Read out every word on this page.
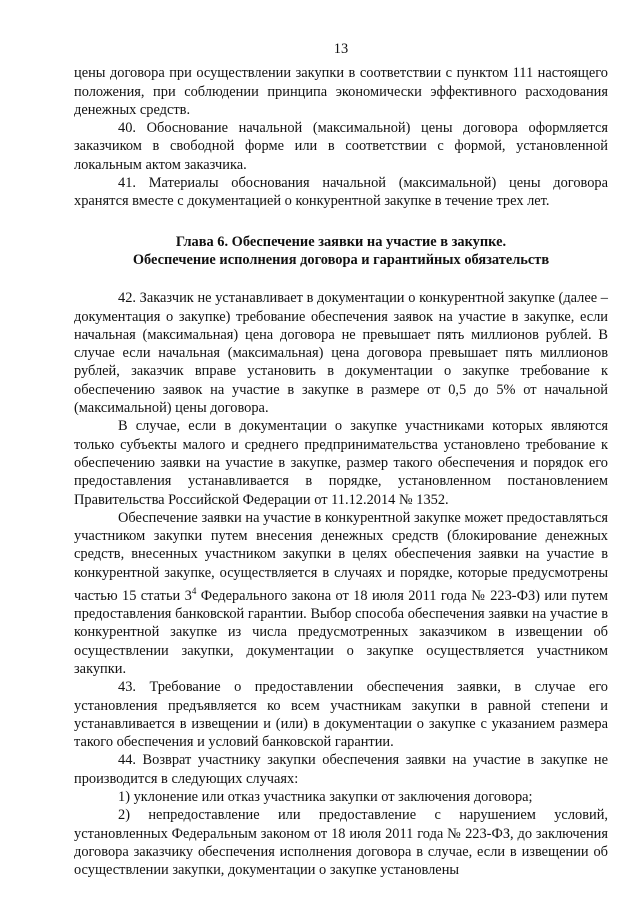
13

цены договора при осуществлении закупки в соответствии с пунктом 111 настоящего положения, при соблюдении принципа экономически эффективного расходования денежных средств.

40. Обоснование начальной (максимальной) цены договора оформляется заказчиком в свободной форме или в соответствии с формой, установленной локальным актом заказчика.

41. Материалы обоснования начальной (максимальной) цены договора хранятся вместе с документацией о конкурентной закупке в течение трех лет.

Глава 6. Обеспечение заявки на участие в закупке.

Обеспечение исполнения договора и гарантийных обязательств

42. Заказчик не устанавливает в документации о конкурентной закупке (далее – документация о закупке) требование обеспечения заявок на участие в закупке, если начальная (максимальная) цена договора не превышает пять миллионов рублей. В случае если начальная (максимальная) цена договора превышает пять миллионов рублей, заказчик вправе установить в документации о закупке требование к обеспечению заявок на участие в закупке в размере от 0,5 до 5% от начальной (максимальной) цены договора.

В случае, если в документации о закупке участниками которых являются только субъекты малого и среднего предпринимательства установлено требование к обеспечению заявки на участие в закупке, размер такого обеспечения и порядок его предоставления устанавливается в порядке, установленном постановлением Правительства Российской Федерации от 11.12.2014 № 1352.

Обеспечение заявки на участие в конкурентной закупке может предоставляться участником закупки путем внесения денежных средств (блокирование денежных средств, внесенных участником закупки в целях обеспечения заявки на участие в конкурентной закупке, осуществляется в случаях и порядке, которые предусмотрены частью 15 статьи $3^4$ Федерального закона от 18 июля 2011 года № 223-ФЗ) или путем предоставления банковской гарантии. Выбор способа обеспечения заявки на участие в конкурентной закупке из числа предусмотренных заказчиком в извещении об осуществлении закупки, документации о закупке осуществляется участником закупки.

43. Требование о предоставлении обеспечения заявки, в случае его установления предъявляется ко всем участникам закупки в равной степени и устанавливается в извещении и (или) в документации о закупке с указанием размера такого обеспечения и условий банковской гарантии.

44. Возврат участнику закупки обеспечения заявки на участие в закупке не производится в следующих случаях:

1) уклонение или отказ участника закупки от заключения договора;

2) непредоставление или предоставление с нарушением условий, установленных Федеральным законом от 18 июля 2011 года № 223-ФЗ, до заключения договора заказчику обеспечения исполнения договора в случае, если в извещении об осуществлении закупки, документации о закупке установлены
